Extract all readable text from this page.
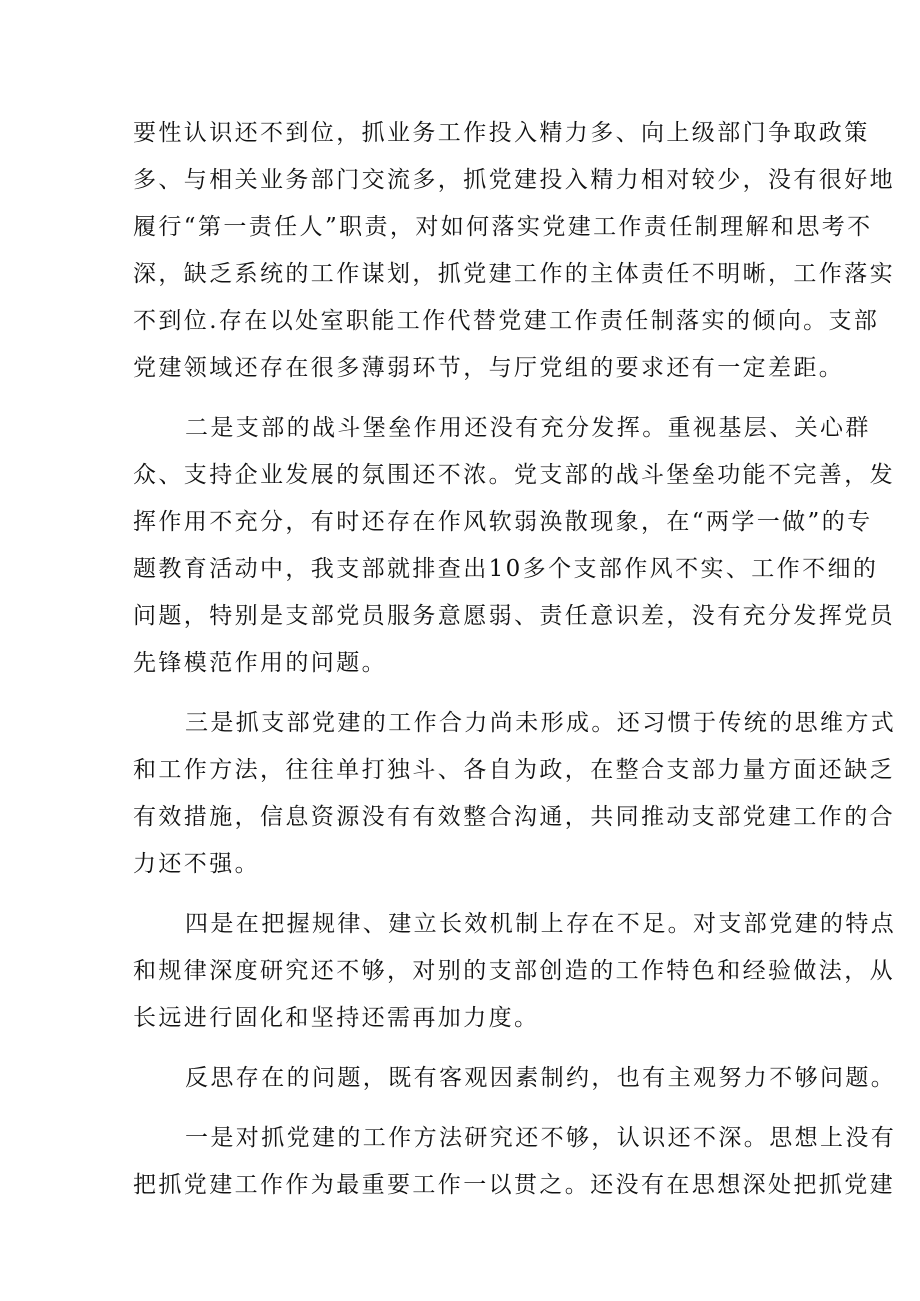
要性认识还不到位，抓业务工作投入精力多、向上级部门争取政策
多、与相关业务部门交流多，抓党建投入精力相对较少，没有很好地
履行“第一责任人”职责，对如何落实党建工作责任制理解和思考不
深，缺乏系统的工作谋划，抓党建工作的主体责任不明晰，工作落实
不到位.存在以处室职能工作代替党建工作责任制落实的倾向。支部
党建领域还存在很多薄弱环节，与厅党组的要求还有一定差距。
二是支部的战斗堡垒作用还没有充分发挥。重视基层、关心群
众、支持企业发展的氛围还不浓。党支部的战斗堡垒功能不完善，发
挥作用不充分，有时还存在作风软弱涣散现象，在“两学一做”的专
题教育活动中，我支部就排查出10多个支部作风不实、工作不细的
问题，特别是支部党员服务意愿弱、责任意识差，没有充分发挥党员
先锋模范作用的问题。
三是抓支部党建的工作合力尚未形成。还习惯于传统的思维方式
和工作方法，往往单打独斗、各自为政，在整合支部力量方面还缺乏
有效措施，信息资源没有有效整合沟通，共同推动支部党建工作的合
力还不强。
四是在把握规律、建立长效机制上存在不足。对支部党建的特点
和规律深度研究还不够，对别的支部创造的工作特色和经验做法，从
长远进行固化和坚持还需再加力度。
反思存在的问题，既有客观因素制约，也有主观努力不够问题。
一是对抓党建的工作方法研究还不够，认识还不深。思想上没有
把抓党建工作作为最重要工作一以贯之。还没有在思想深处把抓党建
